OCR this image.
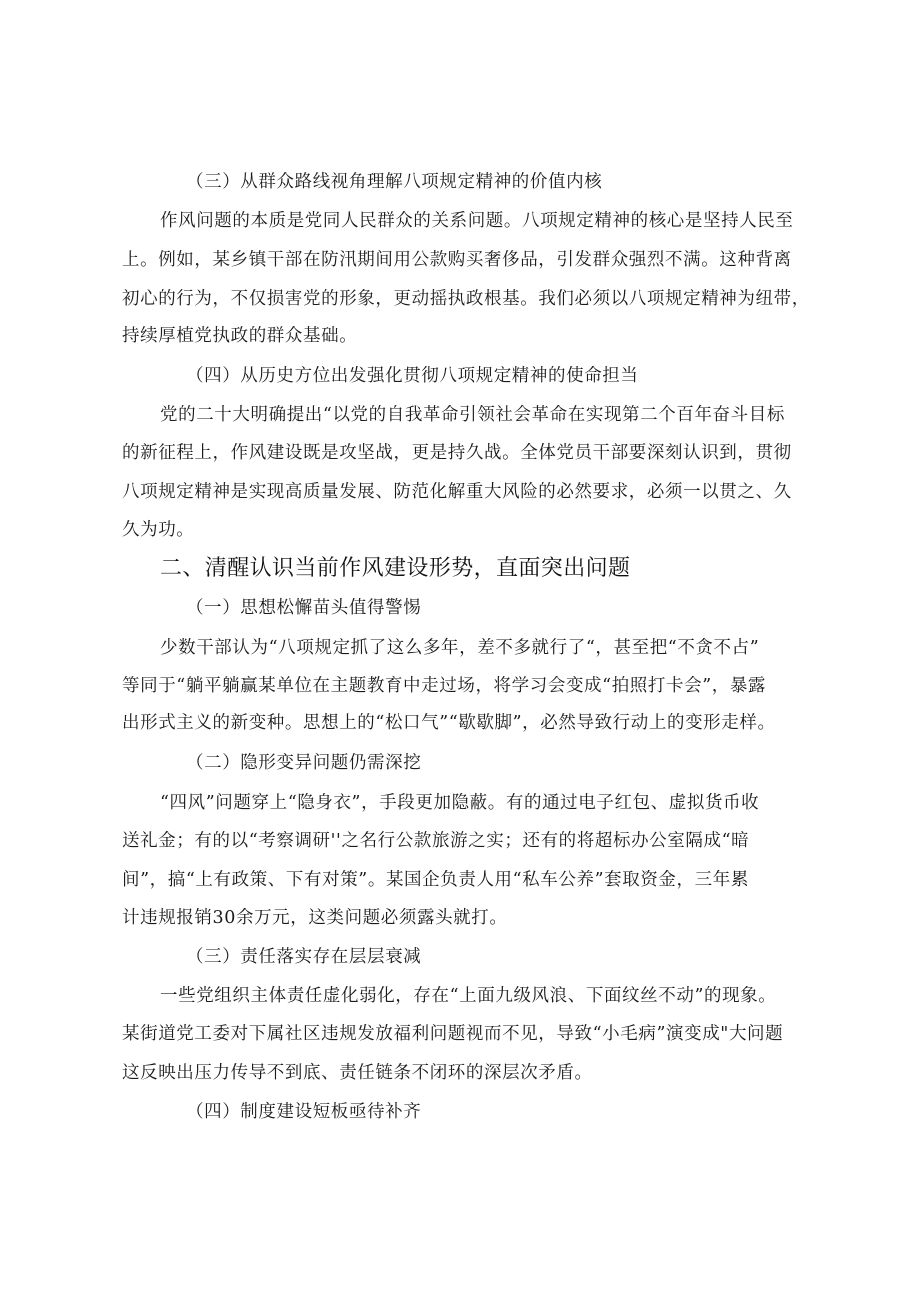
（三）从群众路线视角理解八项规定精神的价值内核
作风问题的本质是党同人民群众的关系问题。八项规定精神的核心是坚持人民至
上。例如，某乡镇干部在防汛期间用公款购买奢侈品，引发群众强烈不满。这种背离
初心的行为，不仅损害党的形象，更动摇执政根基。我们必须以八项规定精神为纽带，
持续厚植党执政的群众基础。
（四）从历史方位出发强化贯彻八项规定精神的使命担当
党的二十大明确提出“以党的自我革命引领社会革命在实现第二个百年奋斗目标
的新征程上，作风建设既是攻坚战，更是持久战。全体党员干部要深刻认识到，贯彻
八项规定精神是实现高质量发展、防范化解重大风险的必然要求，必须一以贯之、久
久为功。
二、清醒认识当前作风建设形势，直面突出问题
（一）思想松懈苗头值得警惕
少数干部认为“八项规定抓了这么多年，差不多就行了“，甚至把“不贪不占”
等同于“躺平躺赢某单位在主题教育中走过场，将学习会变成“拍照打卡会”，暴露
出形式主义的新变种。思想上的“松口气”“歇歇脚”，必然导致行动上的变形走样。
（二）隐形变异问题仍需深挖
“四风”问题穿上“隐身衣”，手段更加隐蔽。有的通过电子红包、虚拟货币收
送礼金；有的以“考察调研''之名行公款旅游之实；还有的将超标办公室隔成“暗
间”，搞“上有政策、下有对策”。某国企负责人用“私车公养”套取资金，三年累
计违规报销30余万元，这类问题必须露头就打。
（三）责任落实存在层层衰减
一些党组织主体责任虚化弱化，存在“上面九级风浪、下面纹丝不动”的现象。
某街道党工委对下属社区违规发放福利问题视而不见，导致“小毛病”演变成"大问题
这反映出压力传导不到底、责任链条不闭环的深层次矛盾。
（四）制度建设短板亟待补齐
